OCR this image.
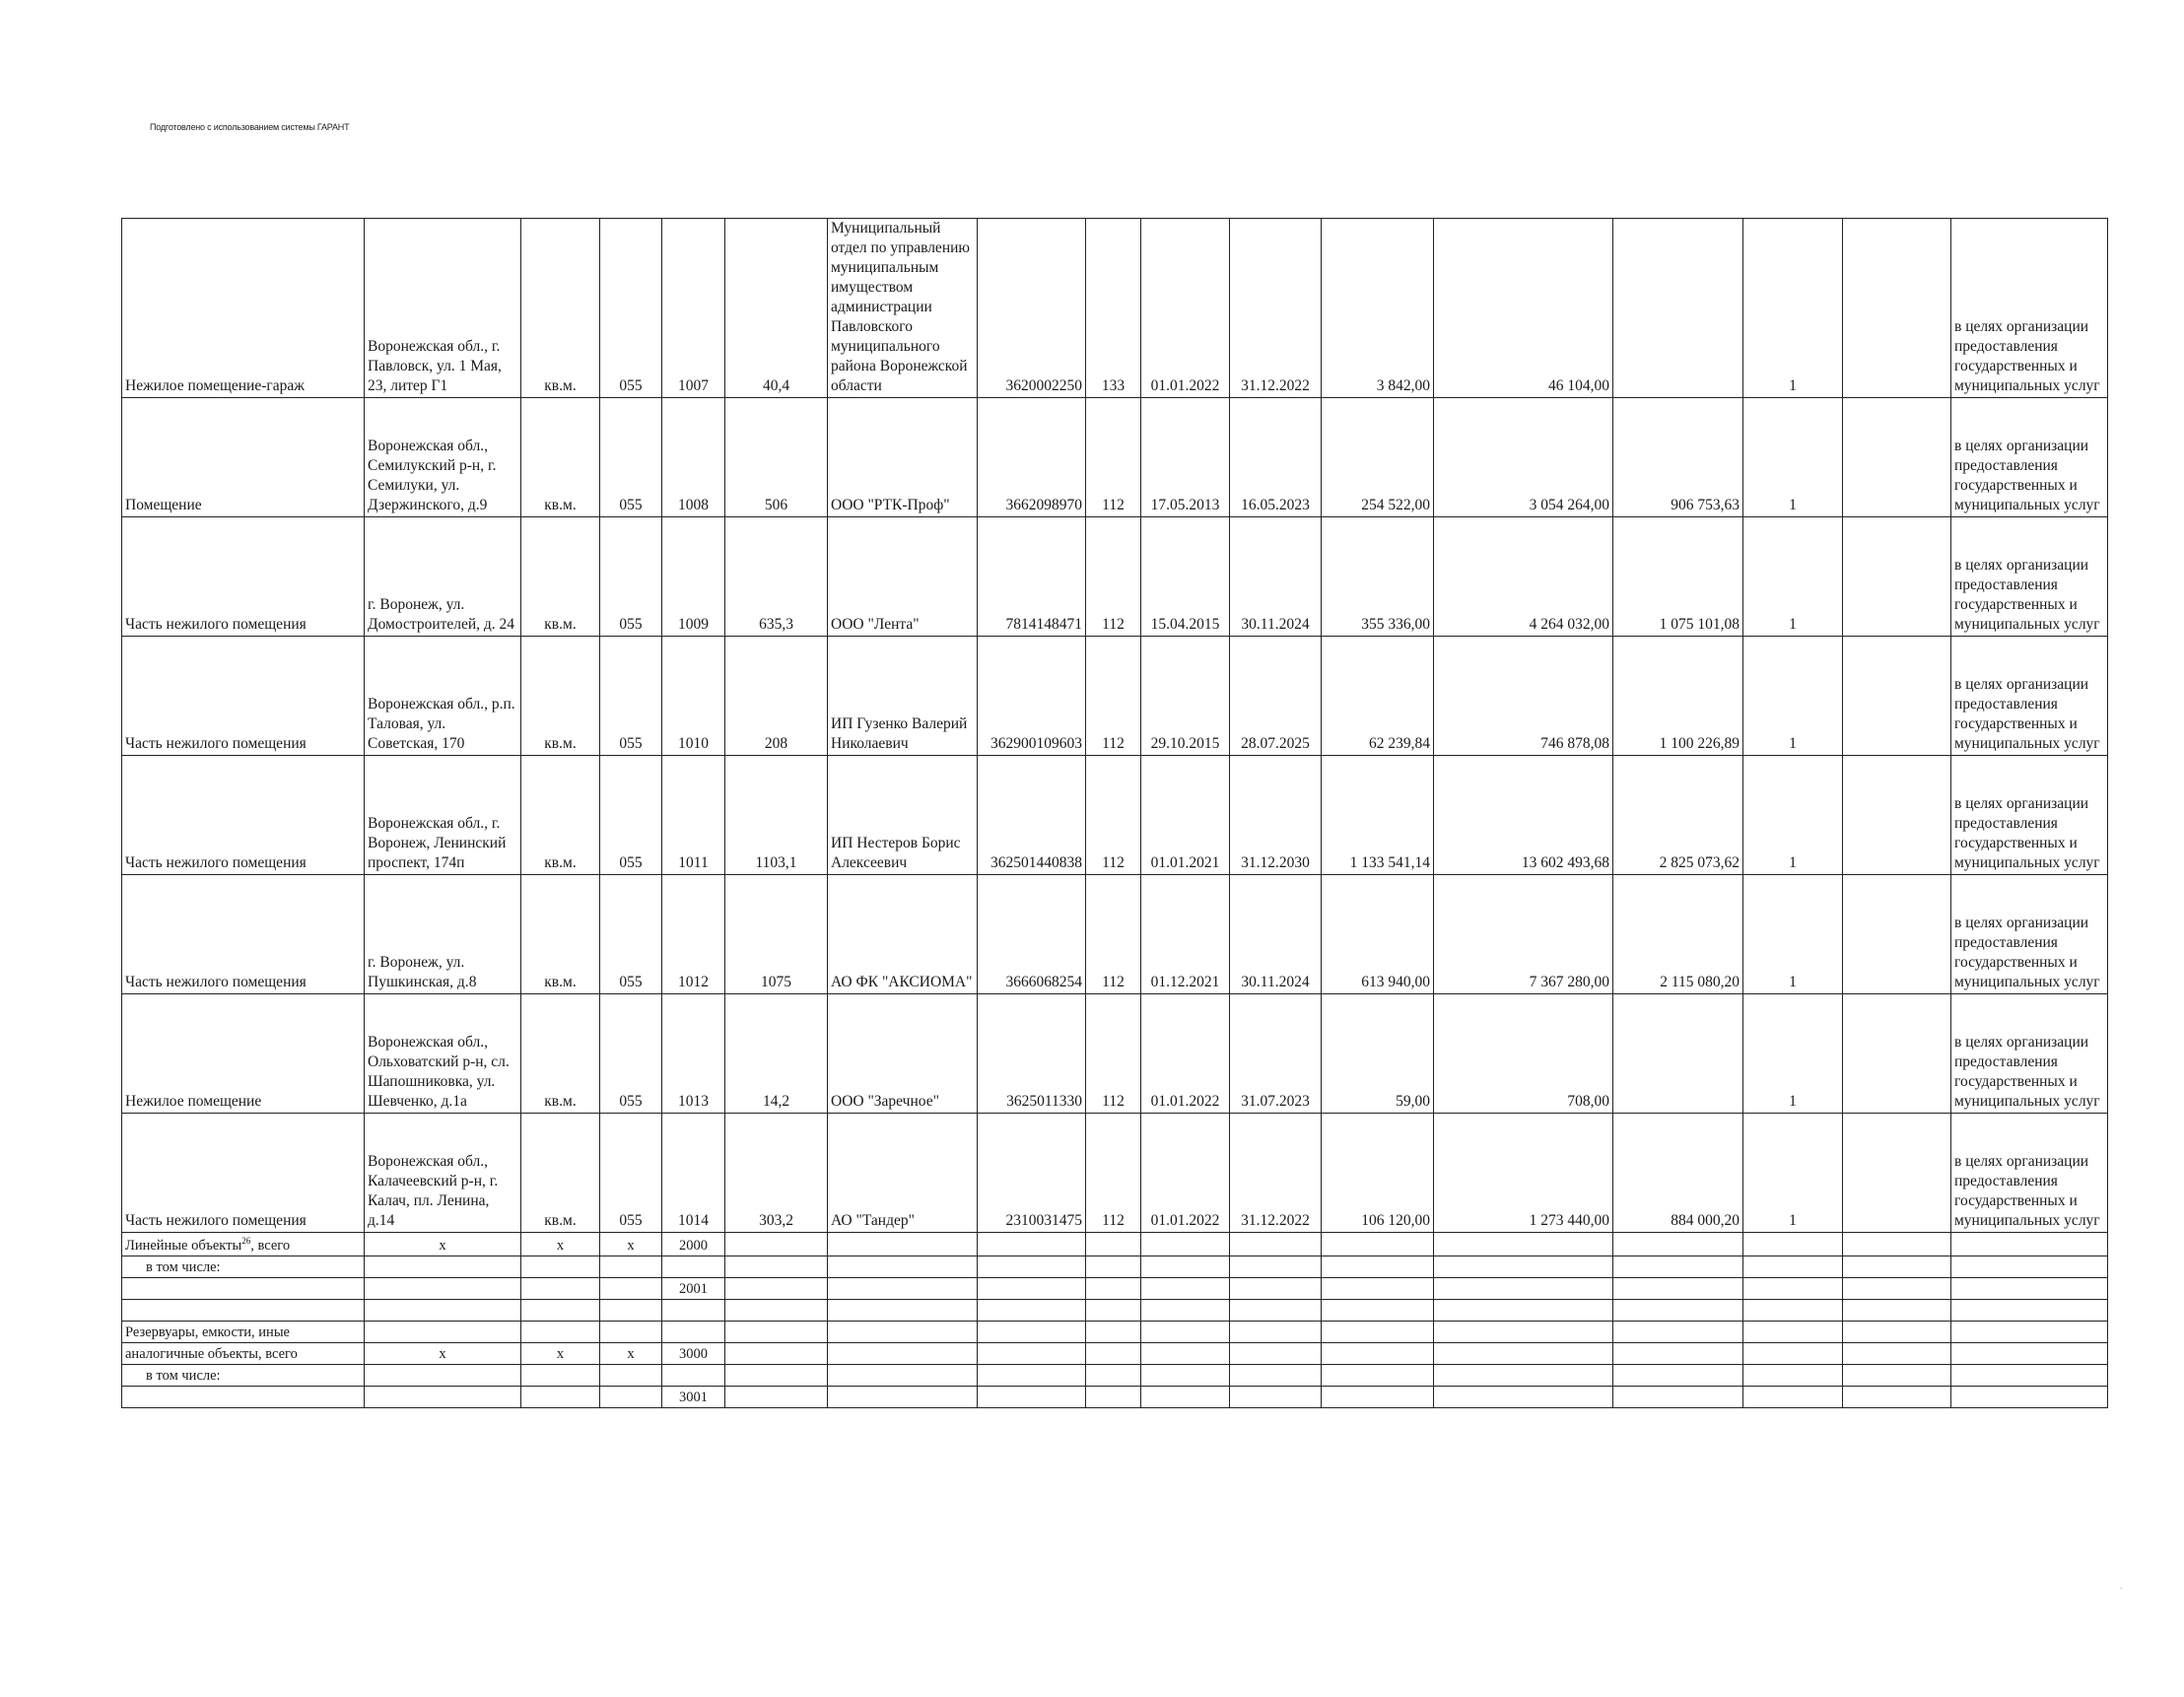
Подготовлено с использованием системы ГАРАНТ
Нежилое помещение-гараж	Воронежская обл., г. Павловск, ул. 1 Мая, 23, литер Г1	кв.м.	055	1007	40,4	Муниципальный отдел по управлению муниципальным имуществом администрации Павловского муниципального района Воронежской области	3620002250	133	01.01.2022	31.12.2022	3 842,00	46 104,00		1		в целях организации предоставления государственных и муниципальных услуг
Помещение	Воронежская обл., Семилукский р-н, г. Семилуки, ул. Дзержинского, д.9	кв.м.	055	1008	506	ООО "РТК-Проф"	3662098970	112	17.05.2013	16.05.2023	254 522,00	3 054 264,00	906 753,63	1		в целях организации предоставления государственных и муниципальных услуг
Часть нежилого помещения	г. Воронеж, ул. Домостроителей, д. 24	кв.м.	055	1009	635,3	ООО "Лента"	7814148471	112	15.04.2015	30.11.2024	355 336,00	4 264 032,00	1 075 101,08	1		в целях организации предоставления государственных и муниципальных услуг
Часть нежилого помещения	Воронежская обл., р.п. Таловая, ул. Советская, 170	кв.м.	055	1010	208	ИП Гузенко Валерий Николаевич	362900109603	112	29.10.2015	28.07.2025	62 239,84	746 878,08	1 100 226,89	1		в целях организации предоставления государственных и муниципальных услуг
Часть нежилого помещения	Воронежская обл., г. Воронеж, Ленинский проспект, 174п	кв.м.	055	1011	1103,1	ИП Нестеров Борис Алексеевич	362501440838	112	01.01.2021	31.12.2030	1 133 541,14	13 602 493,68	2 825 073,62	1		в целях организации предоставления государственных и муниципальных услуг
Часть нежилого помещения	г. Воронеж, ул. Пушкинская, д.8	кв.м.	055	1012	1075	АО ФК "АКСИОМА"	3666068254	112	01.12.2021	30.11.2024	613 940,00	7 367 280,00	2 115 080,20	1		в целях организации предоставления государственных и муниципальных услуг
Нежилое помещение	Воронежская обл., Ольховатский р-н, сл. Шапошниковка, ул. Шевченко, д.1а	кв.м.	055	1013	14,2	ООО "Заречное"	3625011330	112	01.01.2022	31.07.2023	59,00	708,00		1		в целях организации предоставления государственных и муниципальных услуг
Часть нежилого помещения	Воронежская обл., Калачеевский р-н, г. Калач, пл. Ленина, д.14	кв.м.	055	1014	303,2	АО "Тандер"	2310031475	112	01.01.2022	31.12.2022	106 120,00	1 273 440,00	884 000,20	1		в целях организации предоставления государственных и муниципальных услуг
Линейные объекты$^{26}$, всего	x	x	x	2000												
в том числе:																
				2001												

Резервуары, емкости, иные																
аналогичные объекты, всего	x	x	x	3000												
в том числе:																
				3001												
·
